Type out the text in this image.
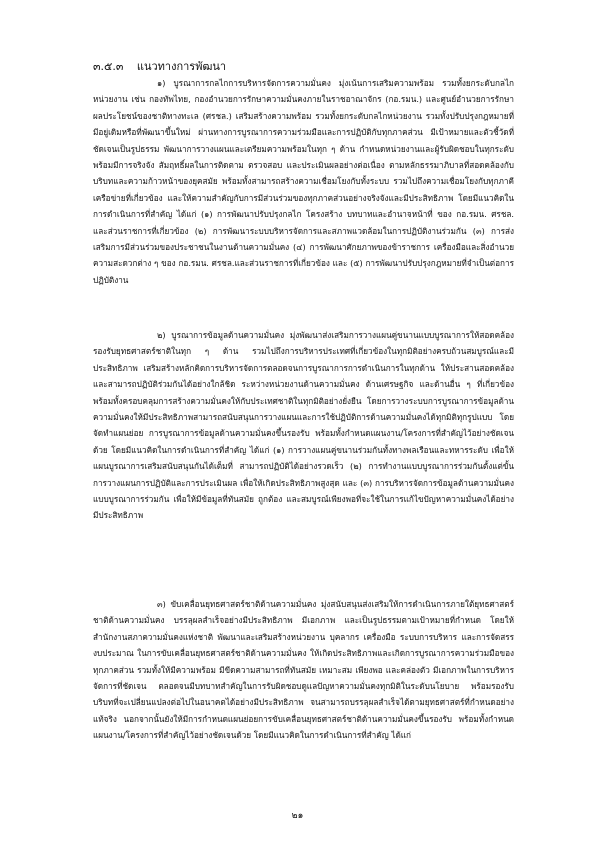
๓.๕.๓ แนวทางการพัฒนา

๑) บูรณาการกลไกการบริหารจัดการความมั่นคง มุ่งเน้นการเสริมความพร้อม รวมทั้งยกระดับกลไกหน่วยงาน เช่น กองทัพไทย, กองอำนวยการรักษาความมั่นคงภายในราชอาณาจักร (กอ.รมน.) และศูนย์อำนวยการรักษาผลประโยชน์ของชาติทางทะเล (ศรชล.) เสริมสร้างความพร้อม รวมทั้งยกระดับกลไกหน่วยงาน รวมทั้งปรับปรุงกฎหมายที่มีอยู่เดิมหรือที่พัฒนาขึ้นใหม่ ผ่านทางการบูรณาการความร่วมมือและการปฏิบัติกับทุกภาคส่วน มีเป้าหมายและตัวชี้วัดที่ชัดเจนเป็นรูปธรรม พัฒนาการวางแผนและเตรียมความพร้อมในทุก ๆ ด้าน กำหนดหน่วยงานและผู้รับผิดชอบในทุกระดับ พร้อมมีการจริงจัง สัมฤทธิ์ผลในการติดตาม ตรวจสอบ และประเมินผลอย่างต่อเนื่อง ตามหลักธรรมาภิบาลที่สอดคล้องกับบริบทและความก้าวหน้าของยุคสมัย พร้อมทั้งสามารถสร้างความเชื่อมโยงกับทั้งระบบ รวมไปถึงความเชื่อมโยงกับทุกภาคีเครือข่ายที่เกี่ยวข้อง และให้ความสำคัญกับการมีส่วนร่วมของทุกภาคส่วนอย่างจริงจังและมีประสิทธิภาพ โดยมีแนวคิดในการดำเนินการที่สำคัญ ได้แก่ (๑) การพัฒนาปรับปรุงกลไก โครงสร้าง บทบาทและอำนาจหน้าที่ ของ กอ.รมน. ศรชล. และส่วนราชการที่เกี่ยวข้อง (๒) การพัฒนาระบบบริหารจัดการและสภาพแวดล้อมในการปฏิบัติงานร่วมกัน (๓) การส่งเสริมการมีส่วนร่วมของประชาชนในงานด้านความมั่นคง (๔) การพัฒนาศักยภาพของข้าราชการ เครื่องมือและสิ่งอำนวยความสะดวกต่าง ๆ ของ กอ.รมน. ศรชล.และส่วนราชการที่เกี่ยวข้อง และ (๕) การพัฒนาปรับปรุงกฎหมายที่จำเป็นต่อการปฏิบัติงาน

๒) บูรณาการข้อมูลด้านความมั่นคง มุ่งพัฒนาส่งเสริมการวางแผนคู่ขนานแบบบูรณาการให้สอดคล้องรองรับยุทธศาสตร์ชาติในทุก ๆ ด้าน รวมไปถึงการบริหารประเทศที่เกี่ยวข้องในทุกมิติอย่างครบถ้วนสมบูรณ์และมีประสิทธิภาพ เสริมสร้างหลักคิดการบริหารจัดการตลอดจนการบูรณาการการดำเนินการในทุกด้าน ให้ประสานสอดคล้องและสามารถปฏิบัติร่วมกันได้อย่างใกล้ชิด ระหว่างหน่วยงานด้านความมั่นคง ด้านเศรษฐกิจ และด้านอื่น ๆ ที่เกี่ยวข้อง พร้อมทั้งครอบคลุมการสร้างความมั่นคงให้กับประเทศชาติในทุกมิติอย่างยั่งยืน โดยการวางระบบการบูรณาการข้อมูลด้านความมั่นคงให้มีประสิทธิภาพสามารถสนับสนุนการวางแผนและการใช้ปฏิบัติการด้านความมั่นคงได้ทุกมิติทุกรูปแบบ โดยจัดทำแผนย่อย การบูรณาการข้อมูลด้านความมั่นคงขึ้นรองรับ พร้อมทั้งกำหนดแผนงาน/โครงการที่สำคัญไว้อย่างชัดเจนด้วย โดยมีแนวคิดในการดำเนินการที่สำคัญ ได้แก่ (๑) การวางแผนคู่ขนานร่วมกันทั้งทางพลเรือนและทหารระดับ เพื่อให้แผนบูรณาการเสริมสนับสนุนกันได้เต็มที่ สามารถปฏิบัติได้อย่างรวดเร็ว (๒) การทำงานแบบบูรณาการร่วมกันตั้งแต่ขั้นการวางแผนการปฏิบัติและการประเมินผล เพื่อให้เกิดประสิทธิภาพสูงสุด และ (๓) การบริหารจัดการข้อมูลด้านความมั่นคงแบบบูรณาการร่วมกัน เพื่อให้มีข้อมูลที่ทันสมัย ถูกต้อง และสมบูรณ์เพียงพอที่จะใช้ในการแก้ไขปัญหาความมั่นคงได้อย่างมีประสิทธิภาพ

๓) ขับเคลื่อนยุทธศาสตร์ชาติด้านความมั่นคง มุ่งสนับสนุนส่งเสริมให้การดำเนินการภายใต้ยุทธศาสตร์ชาติด้านความมั่นคง บรรลุผลสำเร็จอย่างมีประสิทธิภาพ มีเอกภาพ และเป็นรูปธรรมตามเป้าหมายที่กำหนด โดยให้สำนักงานสภาความมั่นคงแห่งชาติ พัฒนาและเสริมสร้างหน่วยงาน บุคลากร เครื่องมือ ระบบการบริหาร และการจัดสรรงบประมาณ ในการขับเคลื่อนยุทธศาสตร์ชาติด้านความมั่นคง ให้เกิดประสิทธิภาพและเกิดการบูรณาการความร่วมมือของทุกภาคส่วน รวมทั้งให้มีความพร้อม มีขีดความสามารถที่ทันสมัย เหมาะสม เพียงพอ และคล่องตัว มีเอกภาพในการบริหารจัดการที่ชัดเจน ตลอดจนมีบทบาทสำคัญในการรับผิดชอบดูแลปัญหาความมั่นคงทุกมิติในระดับนโยบาย พร้อมรองรับบริบทที่จะเปลี่ยนแปลงต่อไปในอนาคตได้อย่างมีประสิทธิภาพ จนสามารถบรรลุผลสำเร็จได้ตามยุทธศาสตร์ที่กำหนดอย่างแท้จริง นอกจากนั้นยังให้มีการกำหนดแผนย่อยการขับเคลื่อนยุทธศาสตร์ชาติด้านความมั่นคงขึ้นรองรับ พร้อมทั้งกำหนดแผนงาน/โครงการที่สำคัญไว้อย่างชัดเจนด้วย โดยมีแนวคิดในการดำเนินการที่สำคัญ ได้แก่

๒๑
